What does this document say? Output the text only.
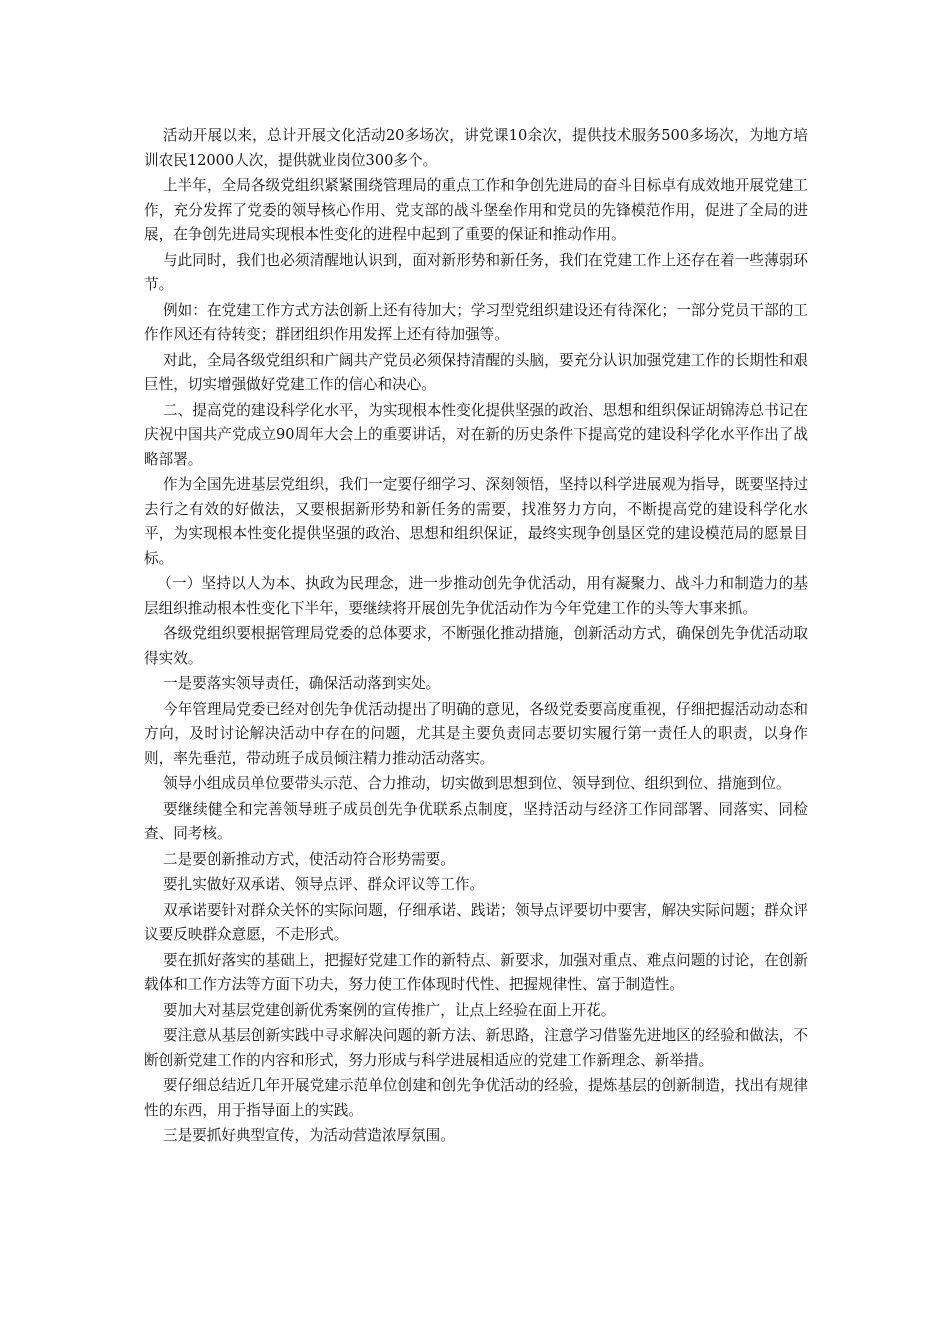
活动开展以来，总计开展文化活动20多场次，讲党课10余次，提供技术服务500多场次，为地方培训农民12000人次，提供就业岗位300多个。

上半年，全局各级党组织紧紧围绕管理局的重点工作和争创先进局的奋斗目标卓有成效地开展党建工作，充分发挥了党委的领导核心作用、党支部的战斗堡垒作用和党员的先锋模范作用，促进了全局的进展，在争创先进局实现根本性变化的进程中起到了重要的保证和推动作用。

与此同时，我们也必须清醒地认识到，面对新形势和新任务，我们在党建工作上还存在着一些薄弱环节。

例如：在党建工作方式方法创新上还有待加大；学习型党组织建设还有待深化；一部分党员干部的工作作风还有待转变；群团组织作用发挥上还有待加强等。

对此，全局各级党组织和广阔共产党员必须保持清醒的头脑，要充分认识加强党建工作的长期性和艰巨性，切实增强做好党建工作的信心和决心。

二、提高党的建设科学化水平，为实现根本性变化提供坚强的政治、思想和组织保证胡锦涛总书记在庆祝中国共产党成立90周年大会上的重要讲话，对在新的历史条件下提高党的建设科学化水平作出了战略部署。

作为全国先进基层党组织，我们一定要仔细学习、深刻领悟，坚持以科学进展观为指导，既要坚持过去行之有效的好做法，又要根据新形势和新任务的需要，找准努力方向，不断提高党的建设科学化水平，为实现根本性变化提供坚强的政治、思想和组织保证，最终实现争创垦区党的建设模范局的愿景目标。

（一）坚持以人为本、执政为民理念，进一步推动创先争优活动，用有凝聚力、战斗力和制造力的基层组织推动根本性变化下半年，要继续将开展创先争优活动作为今年党建工作的头等大事来抓。

各级党组织要根据管理局党委的总体要求，不断强化推动措施，创新活动方式，确保创先争优活动取得实效。

一是要落实领导责任，确保活动落到实处。

今年管理局党委已经对创先争优活动提出了明确的意见，各级党委要高度重视，仔细把握活动动态和方向，及时讨论解决活动中存在的问题，尤其是主要负责同志要切实履行第一责任人的职责，以身作则，率先垂范，带动班子成员倾注精力推动活动落实。

领导小组成员单位要带头示范、合力推动，切实做到思想到位、领导到位、组织到位、措施到位。

要继续健全和完善领导班子成员创先争优联系点制度，坚持活动与经济工作同部署、同落实、同检查、同考核。

二是要创新推动方式，使活动符合形势需要。

要扎实做好双承诺、领导点评、群众评议等工作。

双承诺要针对群众关怀的实际问题，仔细承诺、践诺；领导点评要切中要害，解决实际问题；群众评议要反映群众意愿，不走形式。

要在抓好落实的基础上，把握好党建工作的新特点、新要求，加强对重点、难点问题的讨论，在创新载体和工作方法等方面下功夫，努力使工作体现时代性、把握规律性、富于制造性。

要加大对基层党建创新优秀案例的宣传推广，让点上经验在面上开花。

要注意从基层创新实践中寻求解决问题的新方法、新思路，注意学习借鉴先进地区的经验和做法，不断创新党建工作的内容和形式，努力形成与科学进展相适应的党建工作新理念、新举措。

要仔细总结近几年开展党建示范单位创建和创先争优活动的经验，提炼基层的创新制造，找出有规律性的东西，用于指导面上的实践。

三是要抓好典型宣传，为活动营造浓厚氛围。
